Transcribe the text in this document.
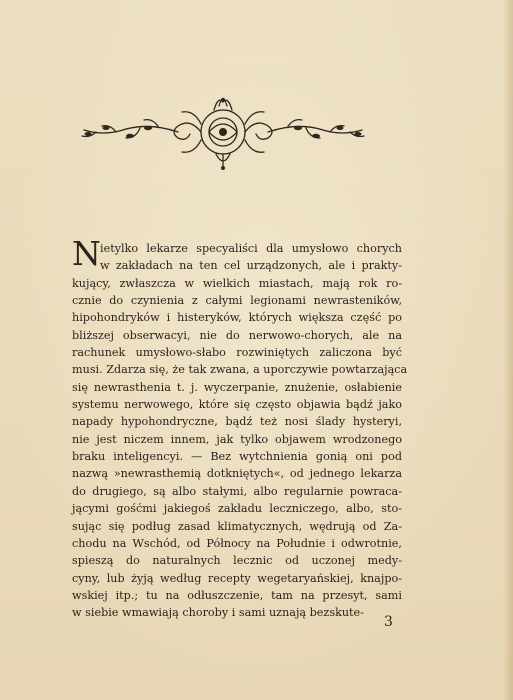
N ietylko lekarze specyaliści dla umysłowo chorych
w zakładach na ten cel urządzonych, ale i prakty-
kujący, zwłaszcza w wielkich miastach, mają rok ro-
cznie do czynienia z całymi legionami newrasteników,
hipohondryków i histeryków, których większa część po
bliższej obserwacyi, nie do nerwowo-chorych, ale na
rachunek umysłowo-słabo rozwiniętych zaliczona być
musi. Zdarza się, że tak zwana, a uporczywie powtarzająca
się newrasthenia t. j. wyczerpanie, znużenie, osłabienie
systemu nerwowego, które się często objawia bądź jako
napady hypohondryczne, bądź też nosi ślady hysteryi,
nie jest niczem innem, jak tylko objawem wrodzonego
braku inteligencyi. — Bez wytchnienia gonią oni pod
nazwą »newrasthemią dotkniętych«, od jednego lekarza
do drugiego, są albo stałymi, albo regularnie powraca-
jącymi gośćmi jakiegoś zakładu leczniczego, albo, sto-
sując się podług zasad klimatycznych, wędrują od Za-
chodu na Wschód, od Północy na Południe i odwrotnie,
spieszą do naturalnych lecznic od uczonej medy-
cyny, lub żyją według recepty wegetaryańskiej, knajpo-
wskiej itp.; tu na odłuszczenie, tam na przesyt, sami
w siebie wmawiają choroby i sami uznają bezskute-
3
